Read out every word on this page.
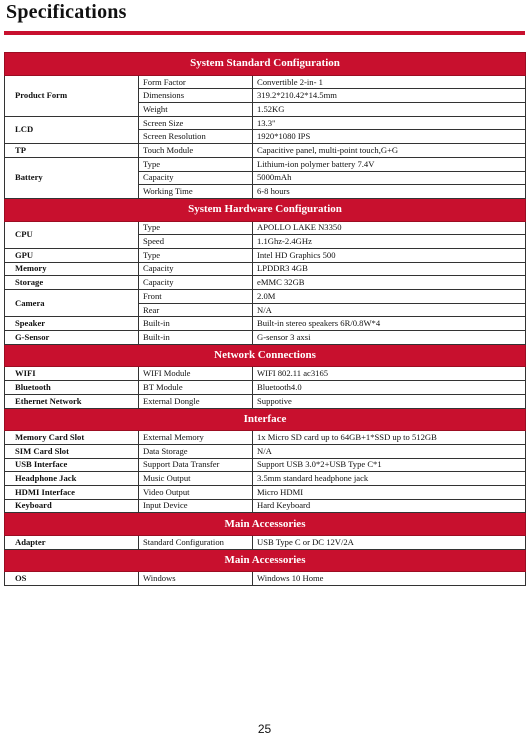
Specifications
System Standard Configuration		
Product Form	Form Factor	Convertible 2-in- 1
	Dimensions	319.2*210.42*14.5mm
	Weight	1.52KG
LCD	Screen Size	13.3"
	Screen Resolution	1920*1080 IPS
TP	Touch Module	Capacitive panel, multi-point touch,G+G
Battery	Type	Lithium-ion polymer battery 7.4V
	Capacity	5000mAh
	Working Time	6-8 hours
System Hardware Configuration		
CPU	Type	APOLLO LAKE N3350
	Speed	1.1Ghz-2.4GHz
GPU	Type	Intel HD Graphics 500
Memory	Capacity	LPDDR3 4GB
Storage	Capacity	eMMC 32GB
Camera	Front	2.0M
	Rear	N/A
Speaker	Built-in	Built-in stereo speakers 6R/0.8W*4
G-Sensor	Built-in	G-sensor 3 axsi
Network Connections		
WIFI	WIFI Module	WIFI 802.11 ac3165
Bluetooth	BT Module	Bluetooth4.0
Ethernet Network	External Dongle	Suppotive
Interface		
Memory Card Slot	External Memory	1x Micro SD card up to 64GB+1*SSD up to 512GB
SIM Card Slot	Data Storage	N/A
USB Interface	Support Data Transfer	Support USB 3.0*2+USB Type C*1
Headphone Jack	Music Output	3.5mm standard headphone jack
HDMI Interface	Video Output	Micro HDMI
Keyboard	Input Device	Hard Keyboard
Main Accessories		
Adapter	Standard Configuration	USB Type C or DC 12V/2A
Main Accessories		
OS	Windows	Windows 10 Home
25
